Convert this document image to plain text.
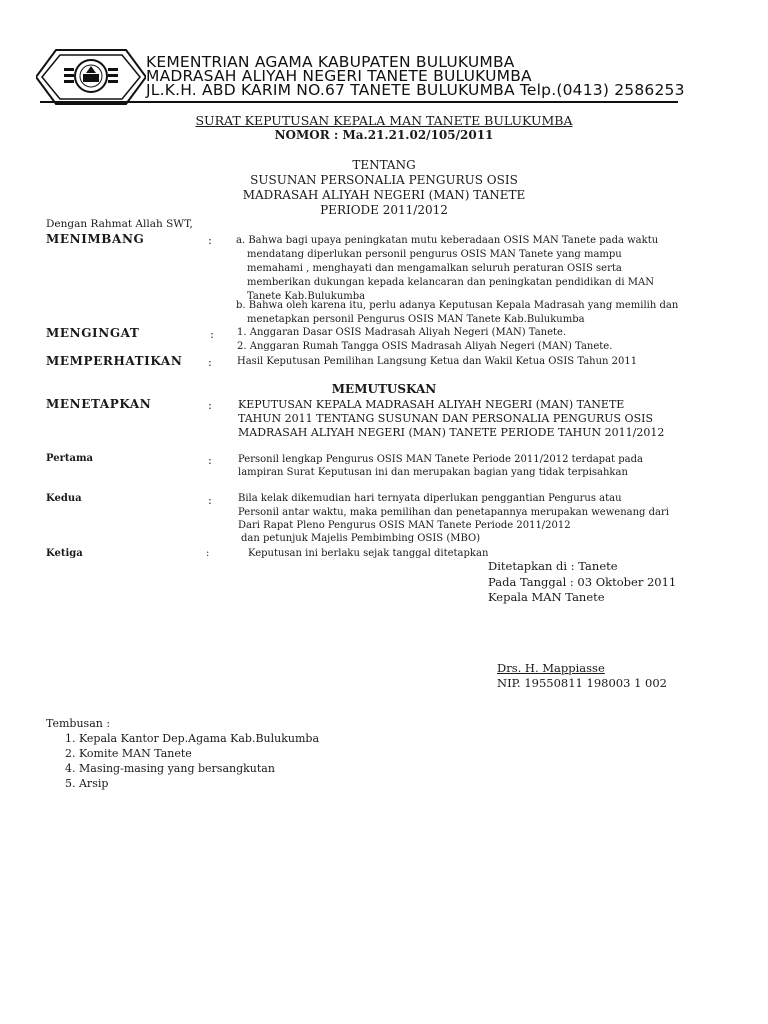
KEMENTRIAN AGAMA KABUPATEN BULUKUMBA
MADRASAH ALIYAH NEGERI TANETE BULUKUMBA
JL.K.H. ABD KARIM NO.67 TANETE BULUKUMBA Telp.(0413) 2586253
SURAT KEPUTUSAN KEPALA MAN TANETE BULUKUMBA
NOMOR : Ma.21.21.02/105/2011
TENTANG
SUSUNAN PERSONALIA PENGURUS OSIS
MADRASAH ALIYAH NEGERI (MAN) TANETE
PERIODE 2011/2012
Dengan Rahmat Allah SWT,
MENIMBANG	: a. Bahwa bagi upaya peningkatan mutu keberadaan OSIS MAN Tanete pada waktu
mendatang diperlukan personil pengurus OSIS MAN Tanete yang mampu
memahami , menghayati dan mengamalkan seluruh peraturan OSIS serta
memberikan dukungan kepada kelancaran dan peningkatan pendidikan di MAN
Tanete Kab.Bulukumba
b. Bahwa oleh karena itu, perlu adanya Keputusan Kepala Madrasah yang memilih dan
menetapkan personil Pengurus OSIS MAN Tanete Kab.Bulukumba
MENGINGAT	: 1. Anggaran Dasar OSIS Madrasah Aliyah Negeri (MAN) Tanete.
2. Anggaran Rumah Tangga OSIS Madrasah Aliyah Negeri (MAN) Tanete.
MEMPERHATIKAN :	Hasil Keputusan Pemilihan Langsung Ketua dan Wakil Ketua OSIS Tahun 2011
MEMUTUSKAN
MENETAPKAN	: KEPUTUSAN KEPALA MADRASAH ALIYAH NEGERI (MAN) TANETE
TAHUN 2011 TENTANG SUSUNAN DAN PERSONALIA PENGURUS OSIS
MADRASAH ALIYAH NEGERI (MAN) TANETE PERIODE TAHUN 2011/2012
Pertama	:	Personil lengkap Pengurus OSIS MAN Tanete Periode 2011/2012 terdapat pada
lampiran Surat Keputusan ini dan merupakan bagian yang tidak terpisahkan
Kedua	:	Bila kelak dikemudian hari ternyata diperlukan penggantian Pengurus atau
Personil antar waktu, maka pemilihan dan penetapannya merupakan wewenang dari
Dari Rapat Pleno Pengurus OSIS MAN Tanete Periode 2011/2012
dan petunjuk Majelis Pembimbing OSIS (MBO)
Ketiga	:	Keputusan ini berlaku sejak tanggal ditetapkan
Ditetapkan di : Tanete
Pada Tanggal : 03 Oktober 2011
Kepala MAN Tanete
Drs. H. Mappiasse
NIP. 19550811 198003 1 002
Tembusan :
1. Kepala Kantor Dep.Agama Kab.Bulukumba
2. Komite MAN Tanete
4. Masing-masing yang bersangkutan
5. Arsip
